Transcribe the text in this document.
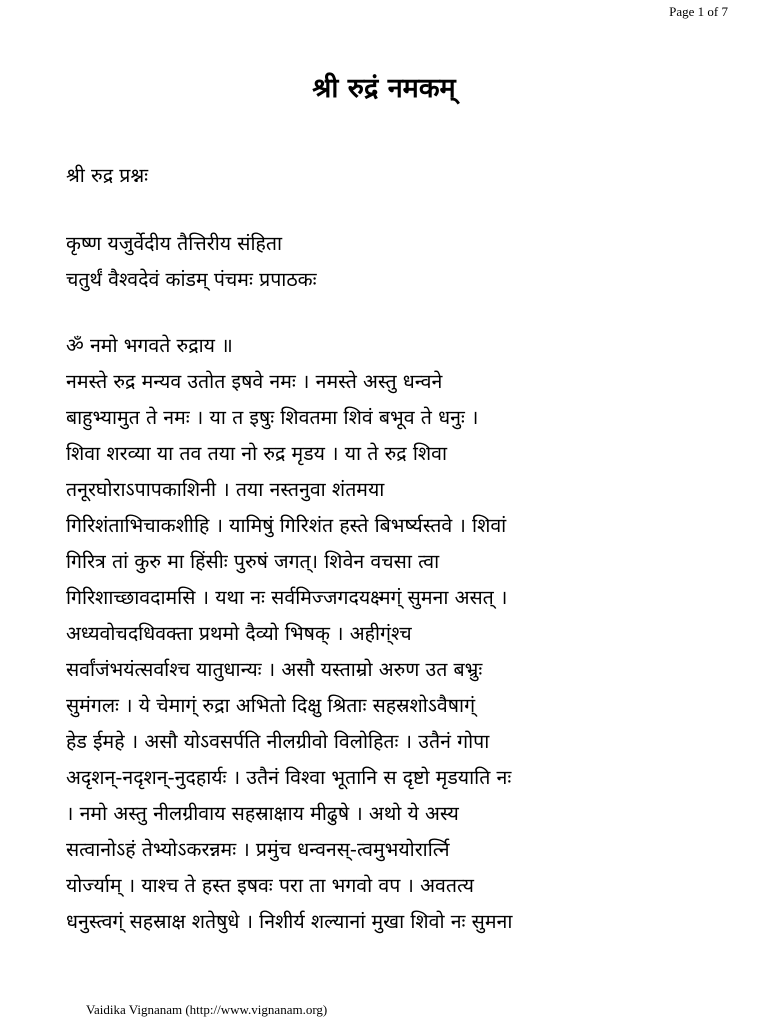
Page 1 of 7
श्री रुद्रं नमकम्
श्री रुद्र प्रश्नः
कृष्ण यजुर्वेदीय तैत्तिरीय संहिता
चतुर्थं वैश्वदेवं कांडम् पंचमः प्रपाठकः
ॐ नमो भगवते रुद्राय ॥
नमस्ते रुद्र मन्यव उतोत इषवे नमः । नमस्ते अस्तु धन्वने
बाहुभ्यामुत ते नमः । या त इषुः शिवतमा शिवं बभूव ते धनुः ।
शिवा शरव्या या तव तया नो रुद्र मृडय । या ते रुद्र शिवा
तनूरघोराऽपापकाशिनी । तया नस्तनुवा शंतमया
गिरिशंताभिचाकशीहि । यामिषुं गिरिशंत हस्ते बिभर्ष्यस्तवे । शिवां
गिरित्र तां कुरु मा हिंसीः पुरुषं जगत्। शिवेन वचसा त्वा
गिरिशाच्छावदामसि । यथा नः सर्वमिज्जगदयक्ष्मग्ं सुमना असत् ।
अध्यवोचदधिवक्ता प्रथमो दैव्यो भिषक् । अहीग्ंश्च
सर्वांजंभयंत्सर्वाश्च यातुधान्यः । असौ यस्ताम्रो अरुण उत बभ्रुः
सुमंगलः । ये चेमाग्ं रुद्रा अभितो दिक्षु श्रिताः सहस्रशोऽवैषाग्ं
हेड ईमहे । असौ योऽवसर्पति नीलग्रीवो विलोहितः । उतैनं गोपा
अदृशन्-नदृशन्-नुदहार्यः । उतैनं विश्वा भूतानि स दृष्टो मृडयाति नः
। नमो अस्तु नीलग्रीवाय सहस्राक्षाय मीढुषे । अथो ये अस्य
सत्वानोऽहं तेभ्योऽकरन्नमः । प्रमुंच धन्वनस्-त्वमुभयोरार्त्नि
योर्ज्याम् । याश्च ते हस्त इषवः परा ता भगवो वप । अवतत्य
धनुस्त्वग्ं सहस्राक्ष शतेषुधे । निशीर्य शल्यानां मुखा शिवो नः सुमना
Vaidika Vignanam (http://www.vignanam.org)
